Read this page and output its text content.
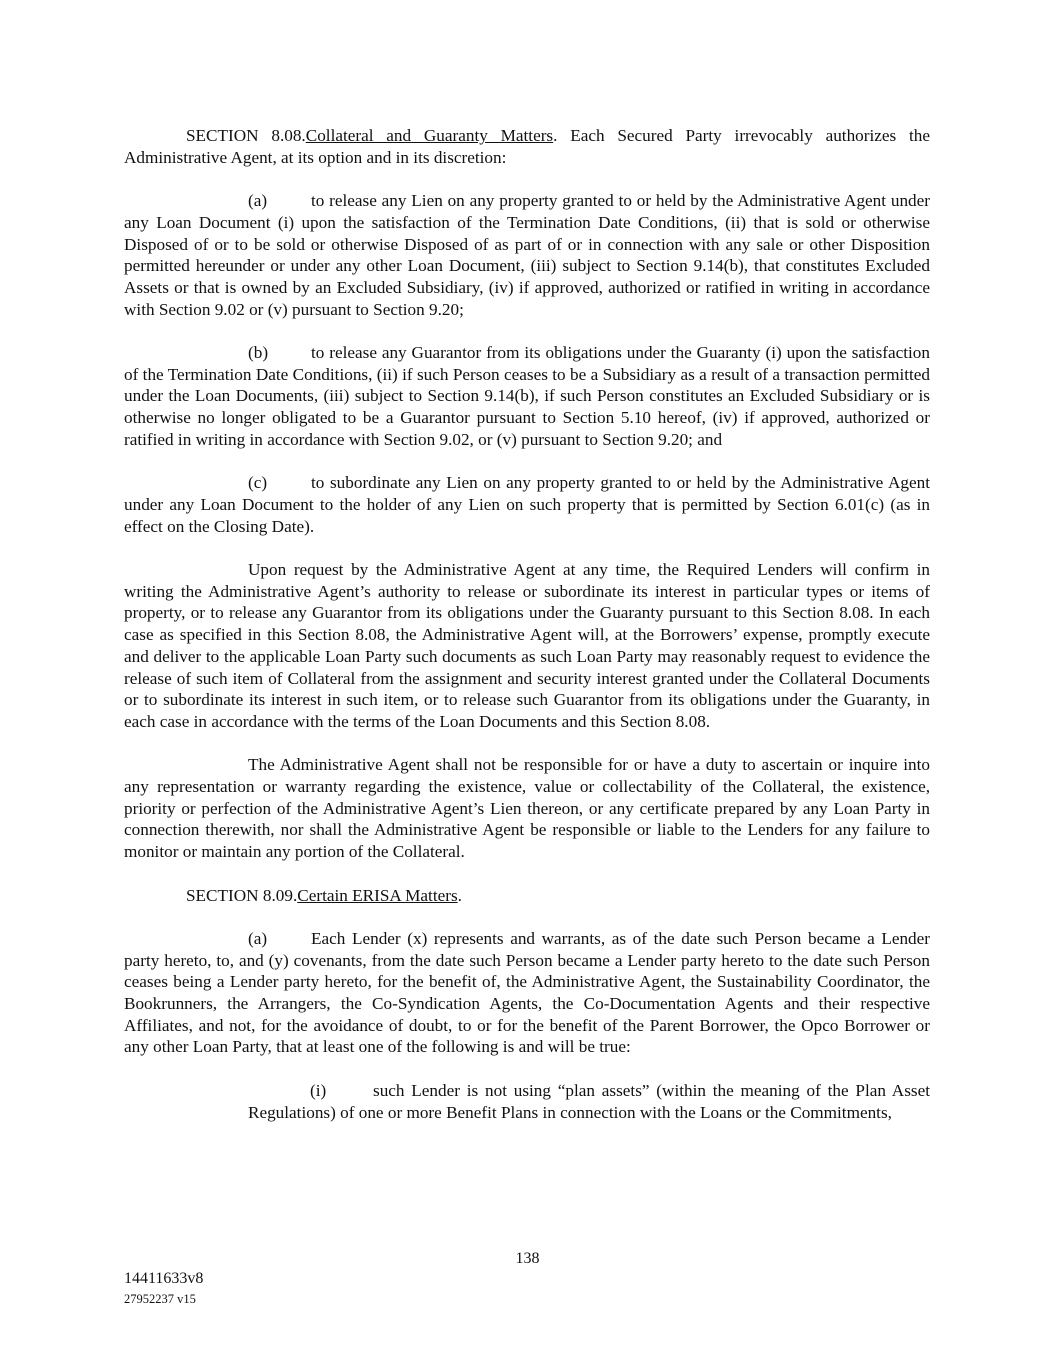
SECTION 8.08.Collateral and Guaranty Matters. Each Secured Party irrevocably authorizes the Administrative Agent, at its option and in its discretion:

(a)	to release any Lien on any property granted to or held by the Administrative Agent under any Loan Document (i) upon the satisfaction of the Termination Date Conditions, (ii) that is sold or otherwise Disposed of or to be sold or otherwise Disposed of as part of or in connection with any sale or other Disposition permitted hereunder or under any other Loan Document, (iii) subject to Section 9.14(b), that constitutes Excluded Assets or that is owned by an Excluded Subsidiary, (iv) if approved, authorized or ratified in writing in accordance with Section 9.02 or (v) pursuant to Section 9.20;

(b) to release any Guarantor from its obligations under the Guaranty (i) upon the satisfaction of the Termination Date Conditions, (ii) if such Person ceases to be a Subsidiary as a result of a transaction permitted under the Loan Documents, (iii) subject to Section 9.14(b), if such Person constitutes an Excluded Subsidiary or is otherwise no longer obligated to be a Guarantor pursuant to Section 5.10 hereof, (iv) if approved, authorized or ratified in writing in accordance with Section 9.02, or (v) pursuant to Section 9.20; and

(c)	to subordinate any Lien on any property granted to or held by the Administrative Agent under any Loan Document to the holder of any Lien on such property that is permitted by Section 6.01(c) (as in effect on the Closing Date).

Upon request by the Administrative Agent at any time, the Required Lenders will confirm in writing the Administrative Agent’s authority to release or subordinate its interest in particular types or items of property, or to release any Guarantor from its obligations under the Guaranty pursuant to this Section 8.08. In each case as specified in this Section 8.08, the Administrative Agent will, at the Borrowers’ expense, promptly execute and deliver to the applicable Loan Party such documents as such Loan Party may reasonably request to evidence the release of such item of Collateral from the assignment and security interest granted under the Collateral Documents or to subordinate its interest in such item, or to release such Guarantor from its obligations under the Guaranty, in each case in accordance with the terms of the Loan Documents and this Section 8.08.

The Administrative Agent shall not be responsible for or have a duty to ascertain or inquire into any representation or warranty regarding the existence, value or collectability of the Collateral, the existence, priority or perfection of the Administrative Agent’s Lien thereon, or any certificate prepared by any Loan Party in connection therewith, nor shall the Administrative Agent be responsible or liable to the Lenders for any failure to monitor or maintain any portion of the Collateral.

SECTION 8.09.Certain ERISA Matters.

(a)	Each Lender (x) represents and warrants, as of the date such Person became a Lender party hereto, to, and (y) covenants, from the date such Person became a Lender party hereto to the date such Person ceases being a Lender party hereto, for the benefit of, the Administrative Agent, the Sustainability Coordinator, the Bookrunners, the Arrangers, the Co-Syndication Agents, the Co-Documentation Agents and their respective Affiliates, and not, for the avoidance of doubt, to or for the benefit of the Parent Borrower, the Opco Borrower or any other Loan Party, that at least one of the following is and will be true:

(i)	such Lender is not using “plan assets” (within the meaning of the Plan Asset Regulations) of one or more Benefit Plans in connection with the Loans or the Commitments,

138
14411633v8
27952237 v15
